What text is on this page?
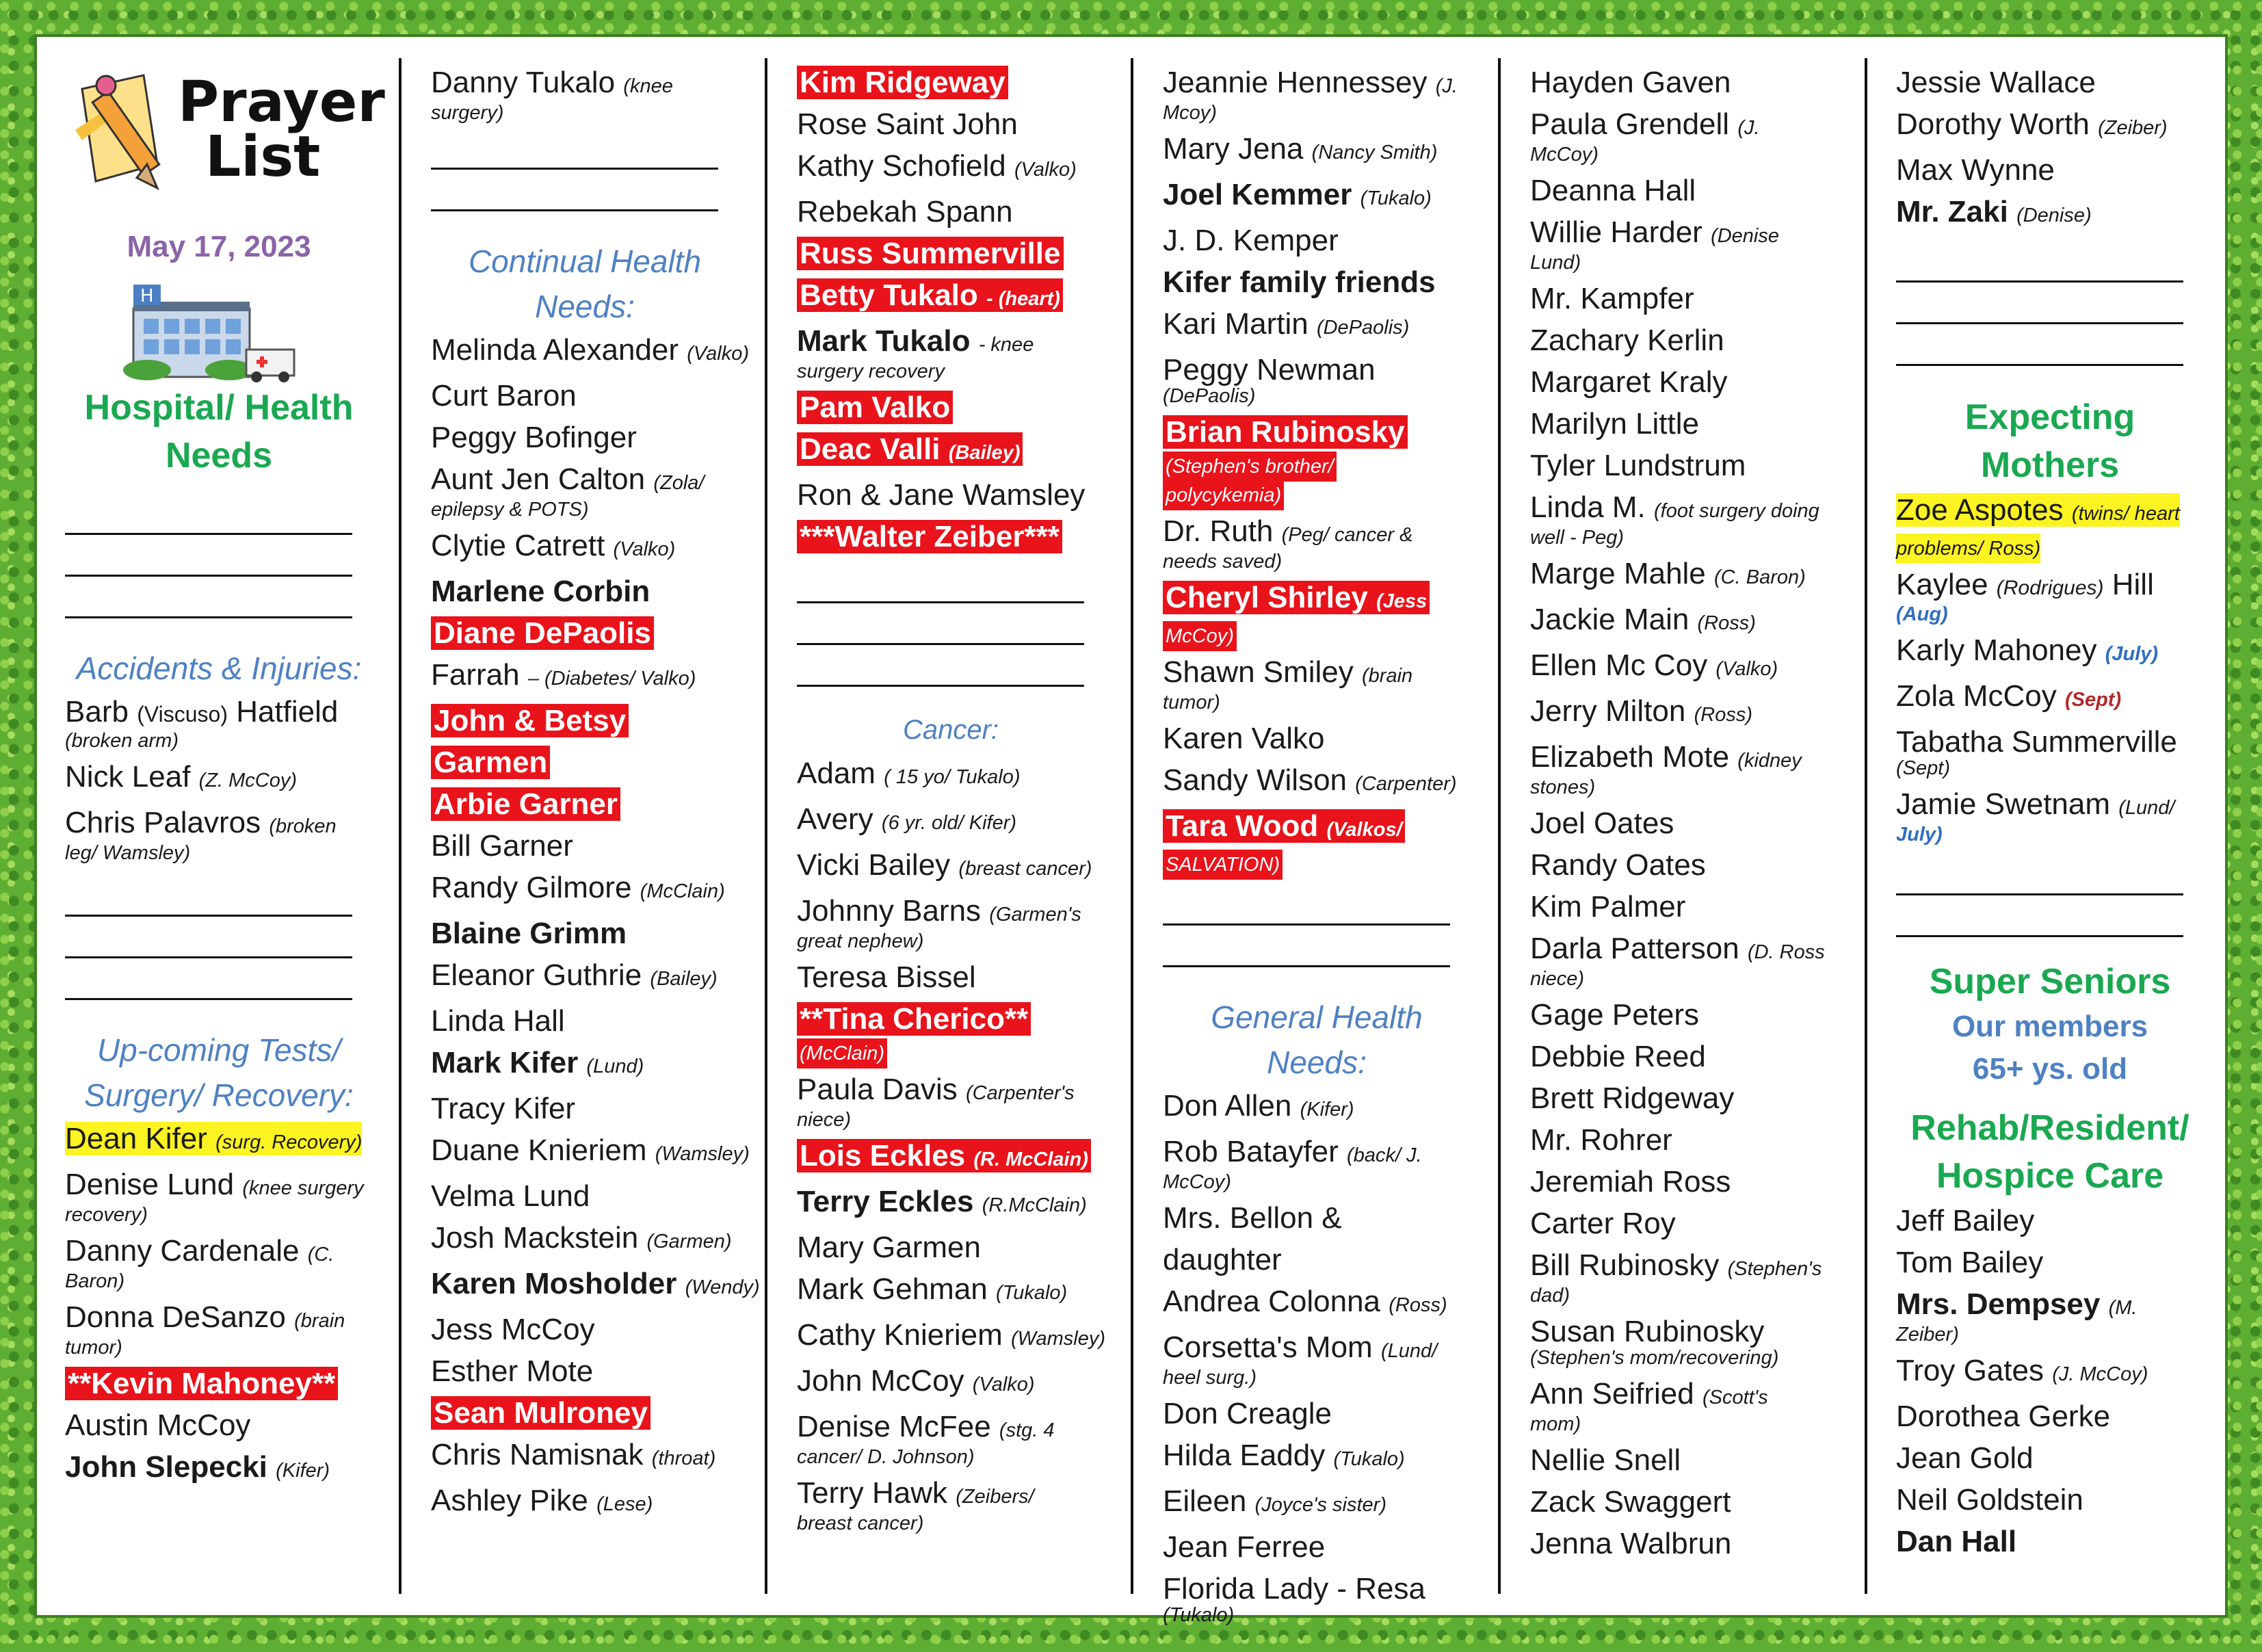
Prayer
List
May 17, 2023
H
Hospital/ Health Needs
Accidents & Injuries:
Barb (Viscuso) Hatfield
(broken arm)
Nick Leaf (Z. McCoy)
Chris Palavros (broken
leg/ Wamsley)
Up-coming Tests/ Surgery/ Recovery:
Dean Kifer (surg. Recovery)
Denise Lund (knee surgery
recovery)
Danny Cardenale (C.
Baron)
Donna DeSanzo (brain
tumor)
**Kevin Mahoney**
Austin McCoy
John Slepecki (Kifer)
Danny Tukalo (knee
surgery)
Continual Health Needs:
Melinda Alexander (Valko)
Curt Baron
Peggy Bofinger
Aunt Jen Calton (Zola/
epilepsy & POTS)
Clytie Catrett (Valko)
Marlene Corbin
Diane DePaolis
Farrah – (Diabetes/ Valko)
John & Betsy
Garmen
Arbie Garner
Bill Garner
Randy Gilmore (McClain)
Blaine Grimm
Eleanor Guthrie (Bailey)
Linda Hall
Mark Kifer (Lund)
Tracy Kifer
Duane Knieriem (Wamsley)
Velma Lund
Josh Mackstein (Garmen)
Karen Mosholder (Wendy)
Jess McCoy
Esther Mote
Sean Mulroney
Chris Namisnak (throat)
Ashley Pike (Lese)
Kim Ridgeway
Rose Saint John
Kathy Schofield (Valko)
Rebekah Spann
Russ Summerville
Betty Tukalo - (heart)
Mark Tukalo - knee
surgery recovery
Pam Valko
Deac Valli (Bailey)
Ron & Jane Wamsley
***Walter Zeiber***
Cancer:
Adam ( 15 yo/ Tukalo)
Avery (6 yr. old/ Kifer)
Vicki Bailey (breast cancer)
Johnny Barns (Garmen's
great nephew)
Teresa Bissel
**Tina Cherico**
(McClain)
Paula Davis (Carpenter's
niece)
Lois Eckles (R. McClain)
Terry Eckles (R.McClain)
Mary Garmen
Mark Gehman (Tukalo)
Cathy Knieriem (Wamsley)
John McCoy (Valko)
Denise McFee (stg. 4
cancer/ D. Johnson)
Terry Hawk (Zeibers/
breast cancer)
Jeannie Hennessey (J.
Mcoy)
Mary Jena (Nancy Smith)
Joel Kemmer (Tukalo)
J. D. Kemper
Kifer family friends
Kari Martin (DePaolis)
Peggy Newman
(DePaolis)
Brian Rubinosky
(Stephen's brother/
polycykemia)
Dr. Ruth (Peg/ cancer &
needs saved)
Cheryl Shirley (Jess
McCoy)
Shawn Smiley (brain
tumor)
Karen Valko
Sandy Wilson (Carpenter)
Tara Wood (Valkos/
SALVATION)
General Health Needs:
Don Allen (Kifer)
Rob Batayfer (back/ J.
McCoy)
Mrs. Bellon &
daughter
Andrea Colonna (Ross)
Corsetta's Mom (Lund/
heel surg.)
Don Creagle
Hilda Eaddy (Tukalo)
Eileen (Joyce's sister)
Jean Ferree
Florida Lady - Resa
(Tukalo)
Hayden Gaven
Paula Grendell (J.
McCoy)
Deanna Hall
Willie Harder (Denise
Lund)
Mr. Kampfer
Zachary Kerlin
Margaret Kraly
Marilyn Little
Tyler Lundstrum
Linda M. (foot surgery doing
well - Peg)
Marge Mahle (C. Baron)
Jackie Main (Ross)
Ellen Mc Coy (Valko)
Jerry Milton (Ross)
Elizabeth Mote (kidney
stones)
Joel Oates
Randy Oates
Kim Palmer
Darla Patterson (D. Ross
niece)
Gage Peters
Debbie Reed
Brett Ridgeway
Mr. Rohrer
Jeremiah Ross
Carter Roy
Bill Rubinosky (Stephen's
dad)
Susan Rubinosky
(Stephen's mom/recovering)
Ann Seifried (Scott's
mom)
Nellie Snell
Zack Swaggert
Jenna Walbrun
Jessie Wallace
Dorothy Worth (Zeiber)
Max Wynne
Mr. Zaki (Denise)
Expecting Mothers
Zoe Aspotes (twins/ heart
problems/ Ross)
Kaylee (Rodrigues) Hill
(Aug)
Karly Mahoney (July)
Zola McCoy (Sept)
Tabatha Summerville
(Sept)
Jamie Swetnam (Lund/
July)
Super Seniors
Our members
65+ ys. old
Rehab/Resident/ Hospice Care
Jeff Bailey
Tom Bailey
Mrs. Dempsey (M.
Zeiber)
Troy Gates (J. McCoy)
Dorothea Gerke
Jean Gold
Neil Goldstein
Dan Hall
